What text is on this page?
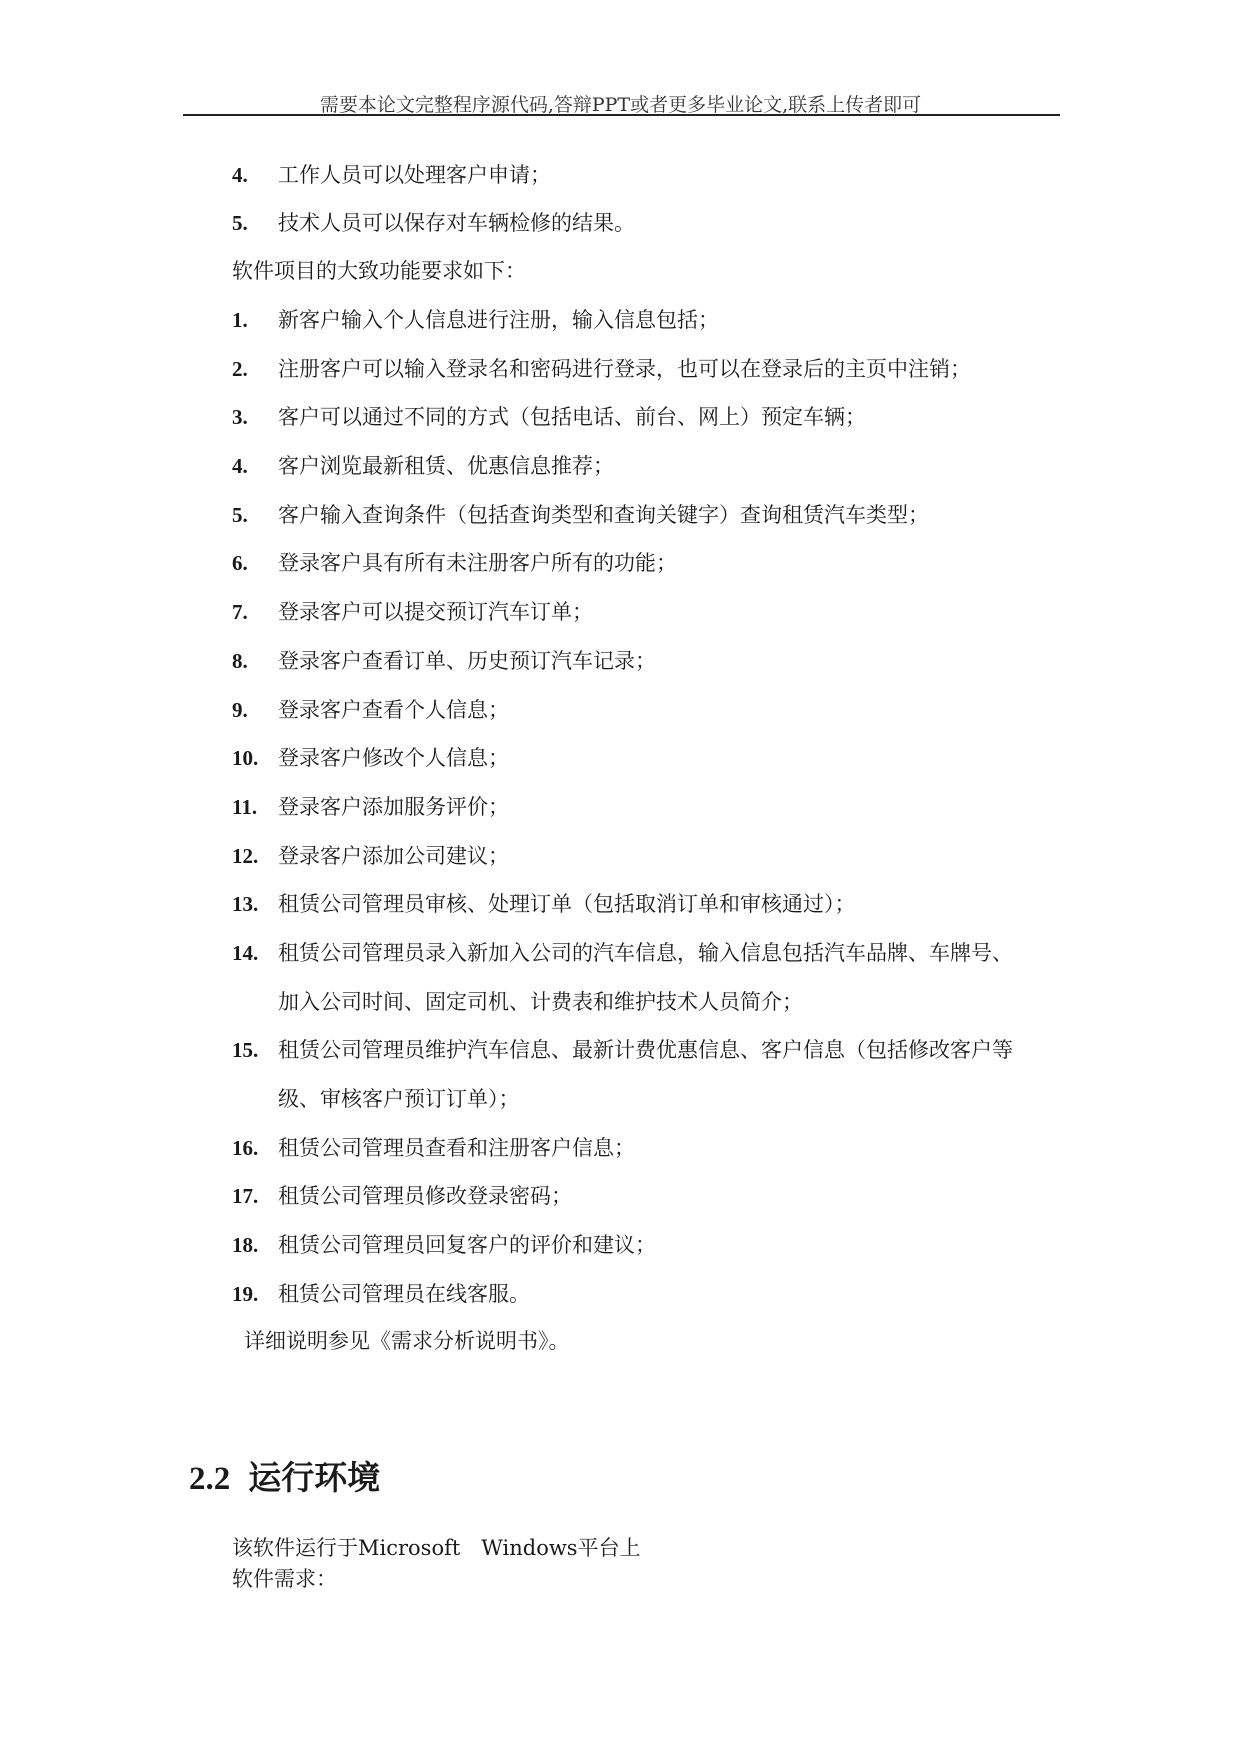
需要本论文完整程序源代码,答辩PPT或者更多毕业论文,联系上传者即可
4. 工作人员可以处理客户申请；
5. 技术人员可以保存对车辆检修的结果。
软件项目的大致功能要求如下：
1. 新客户输入个人信息进行注册，输入信息包括；
2. 注册客户可以输入登录名和密码进行登录，也可以在登录后的主页中注销；
3. 客户可以通过不同的方式（包括电话、前台、网上）预定车辆；
4. 客户浏览最新租赁、优惠信息推荐；
5. 客户输入查询条件（包括查询类型和查询关键字）查询租赁汽车类型；
6. 登录客户具有所有未注册客户所有的功能；
7. 登录客户可以提交预订汽车订单；
8. 登录客户查看订单、历史预订汽车记录；
9. 登录客户查看个人信息；
10. 登录客户修改个人信息；
11. 登录客户添加服务评价；
12. 登录客户添加公司建议；
13. 租赁公司管理员审核、处理订单（包括取消订单和审核通过）；
14. 租赁公司管理员录入新加入公司的汽车信息，输入信息包括汽车品牌、车牌号、
加入公司时间、固定司机、计费表和维护技术人员简介；
15. 租赁公司管理员维护汽车信息、最新计费优惠信息、客户信息（包括修改客户等
级、审核客户预订订单）；
16. 租赁公司管理员查看和注册客户信息；
17. 租赁公司管理员修改登录密码；
18. 租赁公司管理员回复客户的评价和建议；
19. 租赁公司管理员在线客服。
详细说明参见《需求分析说明书》。
2.2 运行环境
该软件运行于Microsoft　Windows平台上
软件需求：
